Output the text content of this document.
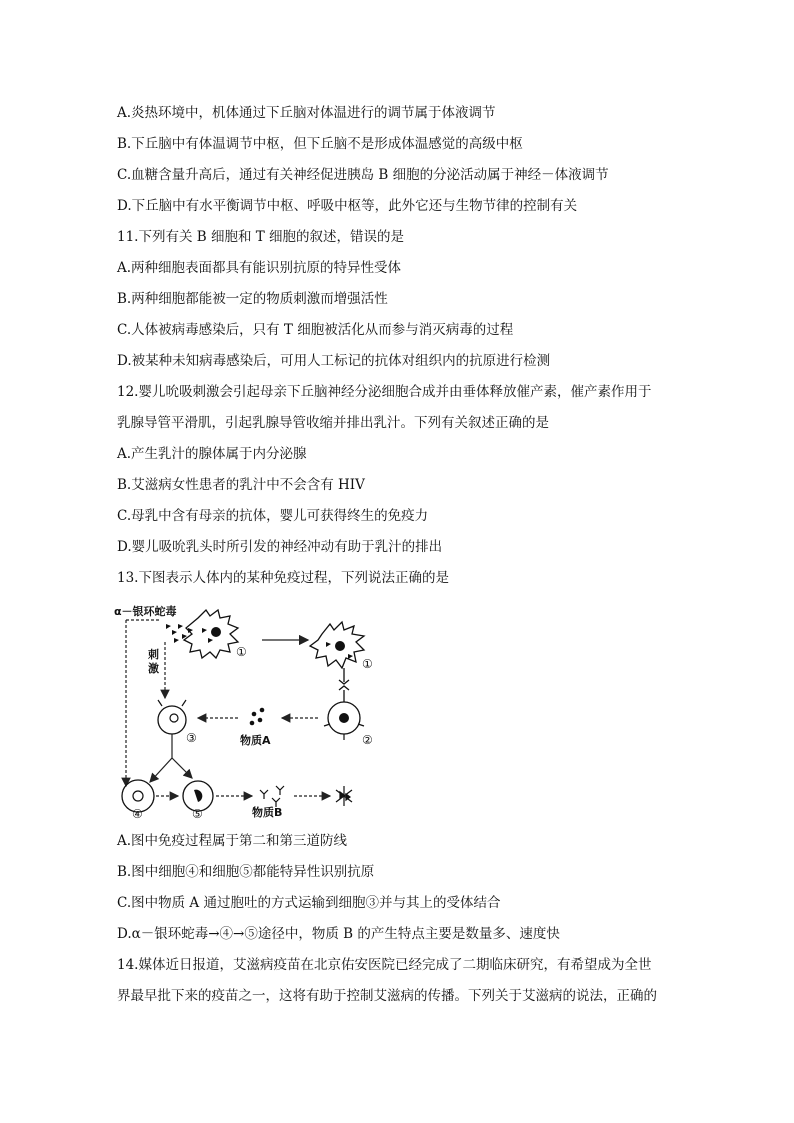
A.炎热环境中，机体通过下丘脑对体温进行的调节属于体液调节
B.下丘脑中有体温调节中枢，但下丘脑不是形成体温感觉的高级中枢
C.血糖含量升高后，通过有关神经促进胰岛 B 细胞的分泌活动属于神经－体液调节
D.下丘脑中有水平衡调节中枢、呼吸中枢等，此外它还与生物节律的控制有关
11.下列有关 B 细胞和 T 细胞的叙述，错误的是
A.两种细胞表面都具有能识别抗原的特异性受体
B.两种细胞都能被一定的物质刺激而增强活性
C.人体被病毒感染后，只有 T 细胞被活化从而参与消灭病毒的过程
D.被某种未知病毒感染后，可用人工标记的抗体对组织内的抗原进行检测
12.婴儿吮吸刺激会引起母亲下丘脑神经分泌细胞合成并由垂体释放催产素，催产素作用于
乳腺导管平滑肌，引起乳腺导管收缩并排出乳汁。下列有关叙述正确的是
A.产生乳汁的腺体属于内分泌腺
B.艾滋病女性患者的乳汁中不会含有 HIV
C.母乳中含有母亲的抗体，婴儿可获得终生的免疫力
D.婴儿吸吮乳头时所引发的神经冲动有助于乳汁的排出
13.下图表示人体内的某种免疫过程，下列说法正确的是
A.图中免疫过程属于第二和第三道防线
B.图中细胞④和细胞⑤都能特异性识别抗原
C.图中物质 A 通过胞吐的方式运输到细胞③并与其上的受体结合
D.α－银环蛇毒→④→⑤途径中，物质 B 的产生特点主要是数量多、速度快
14.媒体近日报道，艾滋病疫苗在北京佑安医院已经完成了二期临床研究，有希望成为全世
界最早批下来的疫苗之一，这将有助于控制艾滋病的传播。下列关于艾滋病的说法，正确的
α－银环蛇毒
刺
激
①
①
②
物质A
③
④	⑤	物质B
